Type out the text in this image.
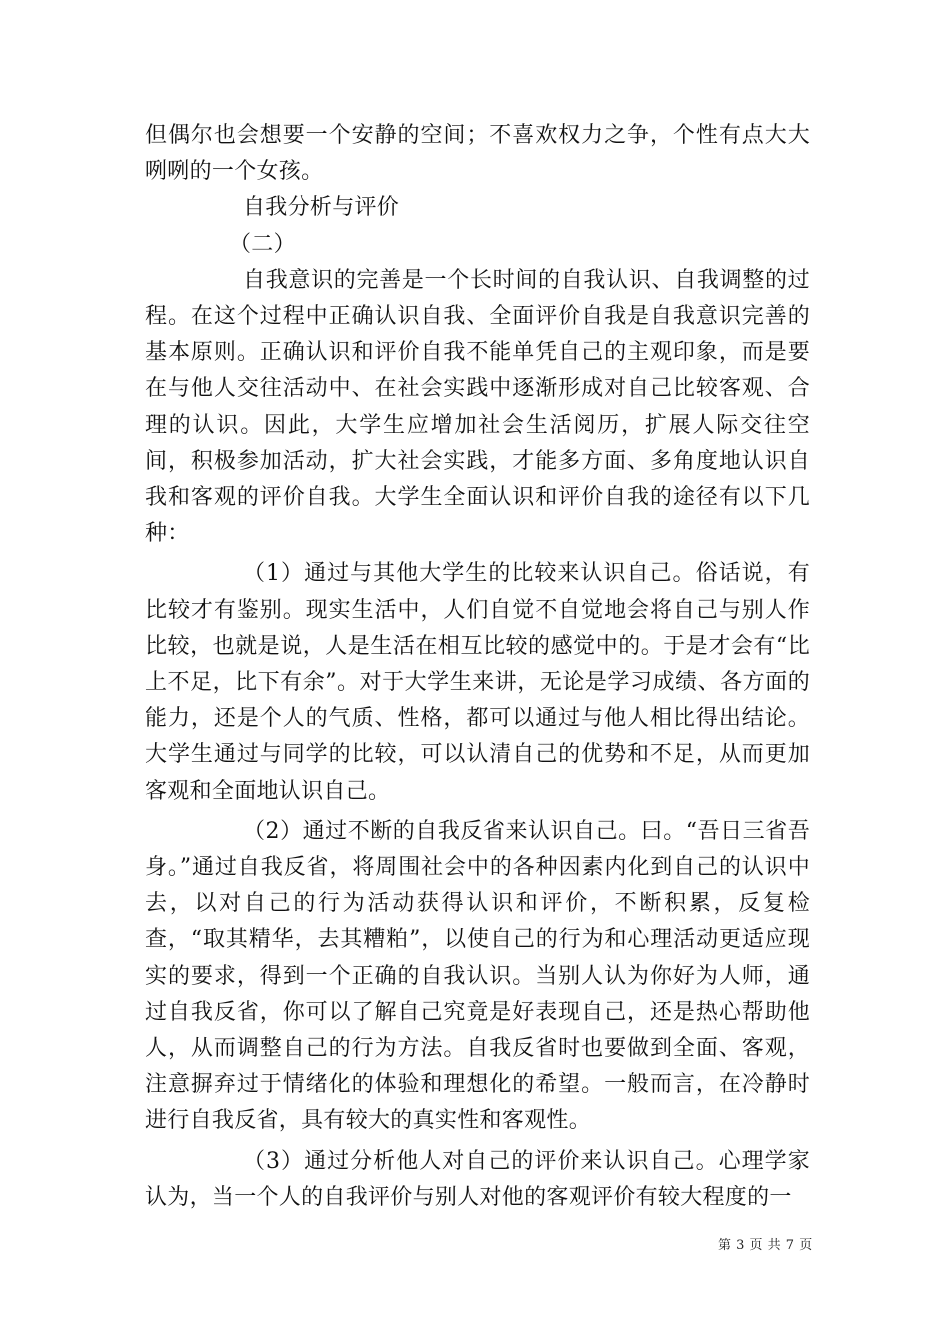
但偶尔也会想要一个安静的空间；不喜欢权力之争，个性有点大大咧咧的一个女孩。

自我分析与评价

（二）

自我意识的完善是一个长时间的自我认识、自我调整的过程。在这个过程中正确认识自我、全面评价自我是自我意识完善的基本原则。正确认识和评价自我不能单凭自己的主观印象，而是要在与他人交往活动中、在社会实践中逐渐形成对自己比较客观、合理的认识。因此，大学生应增加社会生活阅历，扩展人际交往空间，积极参加活动，扩大社会实践，才能多方面、多角度地认识自我和客观的评价自我。大学生全面认识和评价自我的途径有以下几种：

（1）通过与其他大学生的比较来认识自己。俗话说，有比较才有鉴别。现实生活中，人们自觉不自觉地会将自己与别人作比较，也就是说，人是生活在相互比较的感觉中的。于是才会有“比上不足，比下有余”。对于大学生来讲，无论是学习成绩、各方面的能力，还是个人的气质、性格，都可以通过与他人相比得出结论。大学生通过与同学的比较，可以认清自己的优势和不足，从而更加客观和全面地认识自己。

（2）通过不断的自我反省来认识自己。曰。“吾日三省吾身。”通过自我反省，将周围社会中的各种因素内化到自己的认识中去，以对自己的行为活动获得认识和评价，不断积累，反复检查，“取其精华，去其糟粕”，以使自己的行为和心理活动更适应现实的要求，得到一个正确的自我认识。当别人认为你好为人师，通过自我反省，你可以了解自己究竟是好表现自己，还是热心帮助他人，从而调整自己的行为方法。自我反省时也要做到全面、客观，注意摒弃过于情绪化的体验和理想化的希望。一般而言，在冷静时进行自我反省，具有较大的真实性和客观性。

（3）通过分析他人对自己的评价来认识自己。心理学家认为，当一个人的自我评价与别人对他的客观评价有较大程度的一

第 3 页 共 7 页
